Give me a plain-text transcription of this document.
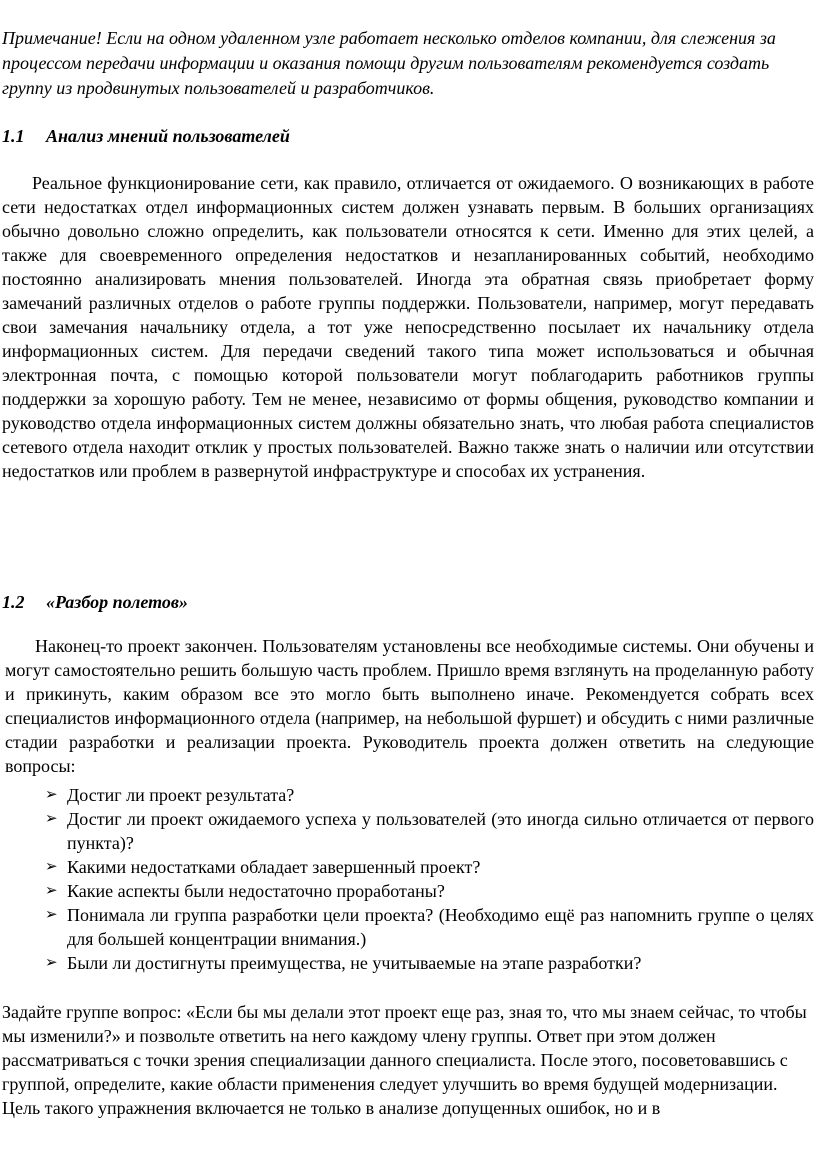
Примечание! Если на одном удаленном узле работает несколько отделов компании, для слежения за процессом передачи информации и оказания помощи другим пользователям рекомендуется создать группу из продвинутых пользователей и разработчиков.
1.1 Анализ мнений пользователей
Реальное функционирование сети, как правило, отличается от ожидаемого. О возникающих в работе сети недостатках отдел информационных систем должен узнавать первым. В больших организациях обычно довольно сложно определить, как пользователи относятся к сети. Именно для этих целей, а также для своевременного определения недостатков и незапланированных событий, необходимо постоянно анализировать мнения пользователей. Иногда эта обратная связь приобретает форму замечаний различных отделов о работе группы поддержки. Пользователи, например, могут передавать свои замечания начальнику отдела, а тот уже непосредственно посылает их начальнику отдела информационных систем. Для передачи сведений такого типа может использоваться и обычная электронная почта, с помощью которой пользователи могут поблагодарить работников группы поддержки за хорошую работу. Тем не менее, независимо от формы общения, руководство компании и руководство отдела информационных систем должны обязательно знать, что любая работа специалистов сетевого отдела находит отклик у простых пользователей. Важно также знать о наличии или отсутствии недостатков или проблем в развернутой инфраструктуре и способах их устранения.
1.2 «Разбор полетов»
Наконец-то проект закончен. Пользователям установлены все необходимые системы. Они обучены и могут самостоятельно решить большую часть проблем. Пришло время взглянуть на проделанную работу и прикинуть, каким образом все это могло быть выполнено иначе. Рекомендуется собрать всех специалистов информационного отдела (например, на небольшой фуршет) и обсудить с ними различные стадии разработки и реализации проекта. Руководитель проекта должен ответить на следующие вопросы:
➢ Достиг ли проект результата?
➢ Достиг ли проект ожидаемого успеха у пользователей (это иногда сильно отличается от первого пункта)?
➢ Какими недостатками обладает завершенный проект?
➢ Какие аспекты были недостаточно проработаны?
➢ Понимала ли группа разработки цели проекта? (Необходимо ещё раз напомнить группе о целях для большей концентрации внимания.)
➢ Были ли достигнуты преимущества, не учитываемые на этапе разработки?
Задайте группе вопрос: «Если бы мы делали этот проект еще раз, зная то, что мы знаем сейчас, то чтобы мы изменили?» и позвольте ответить на него каждому члену группы. Ответ при этом должен рассматриваться с точки зрения специализации данного специалиста. После этого, посоветовавшись с группой, определите, какие области применения следует улучшить во время будущей модернизации. Цель такого упражнения включается не только в анализе допущенных ошибок, но и в
